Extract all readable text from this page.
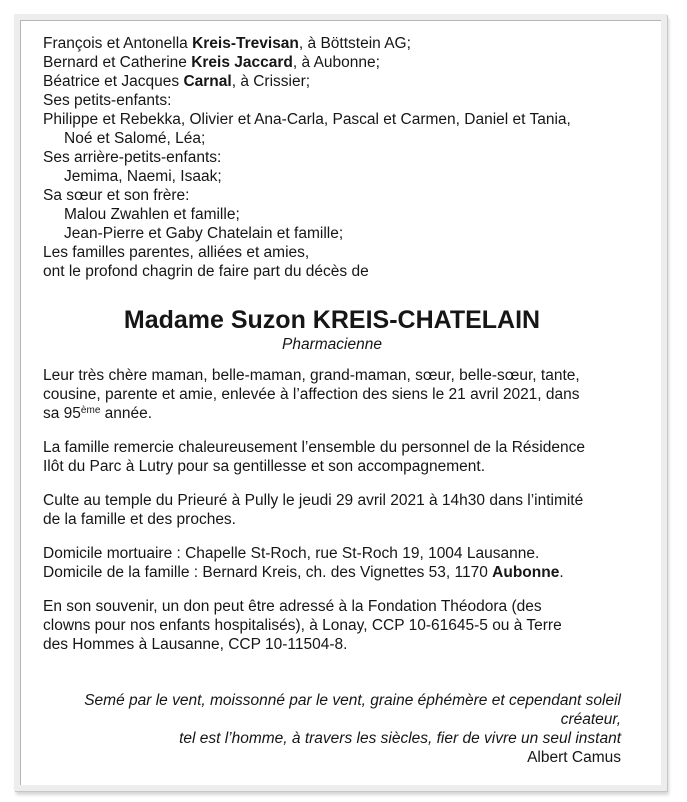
François et Antonella Kreis-Trevisan, à Böttstein AG;
Bernard et Catherine Kreis Jaccard, à Aubonne;
Béatrice et Jacques Carnal, à Crissier;
Ses petits-enfants:
Philippe et Rebekka, Olivier et Ana-Carla, Pascal et Carmen, Daniel et Tania,
Noé et Salomé, Léa;
Ses arrière-petits-enfants:
Jemima, Naemi, Isaak;
Sa sœur et son frère:
Malou Zwahlen et famille;
Jean-Pierre et Gaby Chatelain et famille;
Les familles parentes, alliées et amies,
ont le profond chagrin de faire part du décès de
Madame Suzon KREIS-CHATELAIN
Pharmacienne
Leur très chère maman, belle-maman, grand-maman, sœur, belle-sœur, tante,
cousine, parente et amie, enlevée à l’affection des siens le 21 avril 2021, dans
sa 95ème année.
La famille remercie chaleureusement l’ensemble du personnel de la Résidence
Ilôt du Parc à Lutry pour sa gentillesse et son accompagnement.
Culte au temple du Prieuré à Pully le jeudi 29 avril 2021 à 14h30 dans l’intimité
de la famille et des proches.
Domicile mortuaire : Chapelle St-Roch, rue St-Roch 19, 1004 Lausanne.
Domicile de la famille : Bernard Kreis, ch. des Vignettes 53, 1170 Aubonne.
En son souvenir, un don peut être adressé à la Fondation Théodora (des
clowns pour nos enfants hospitalisés), à Lonay, CCP 10-61645-5 ou à Terre
des Hommes à Lausanne, CCP 10-11504-8.
Semé par le vent, moissonné par le vent, graine éphémère et cependant soleil
créateur,
tel est l’homme, à travers les siècles, fier de vivre un seul instant
Albert Camus
